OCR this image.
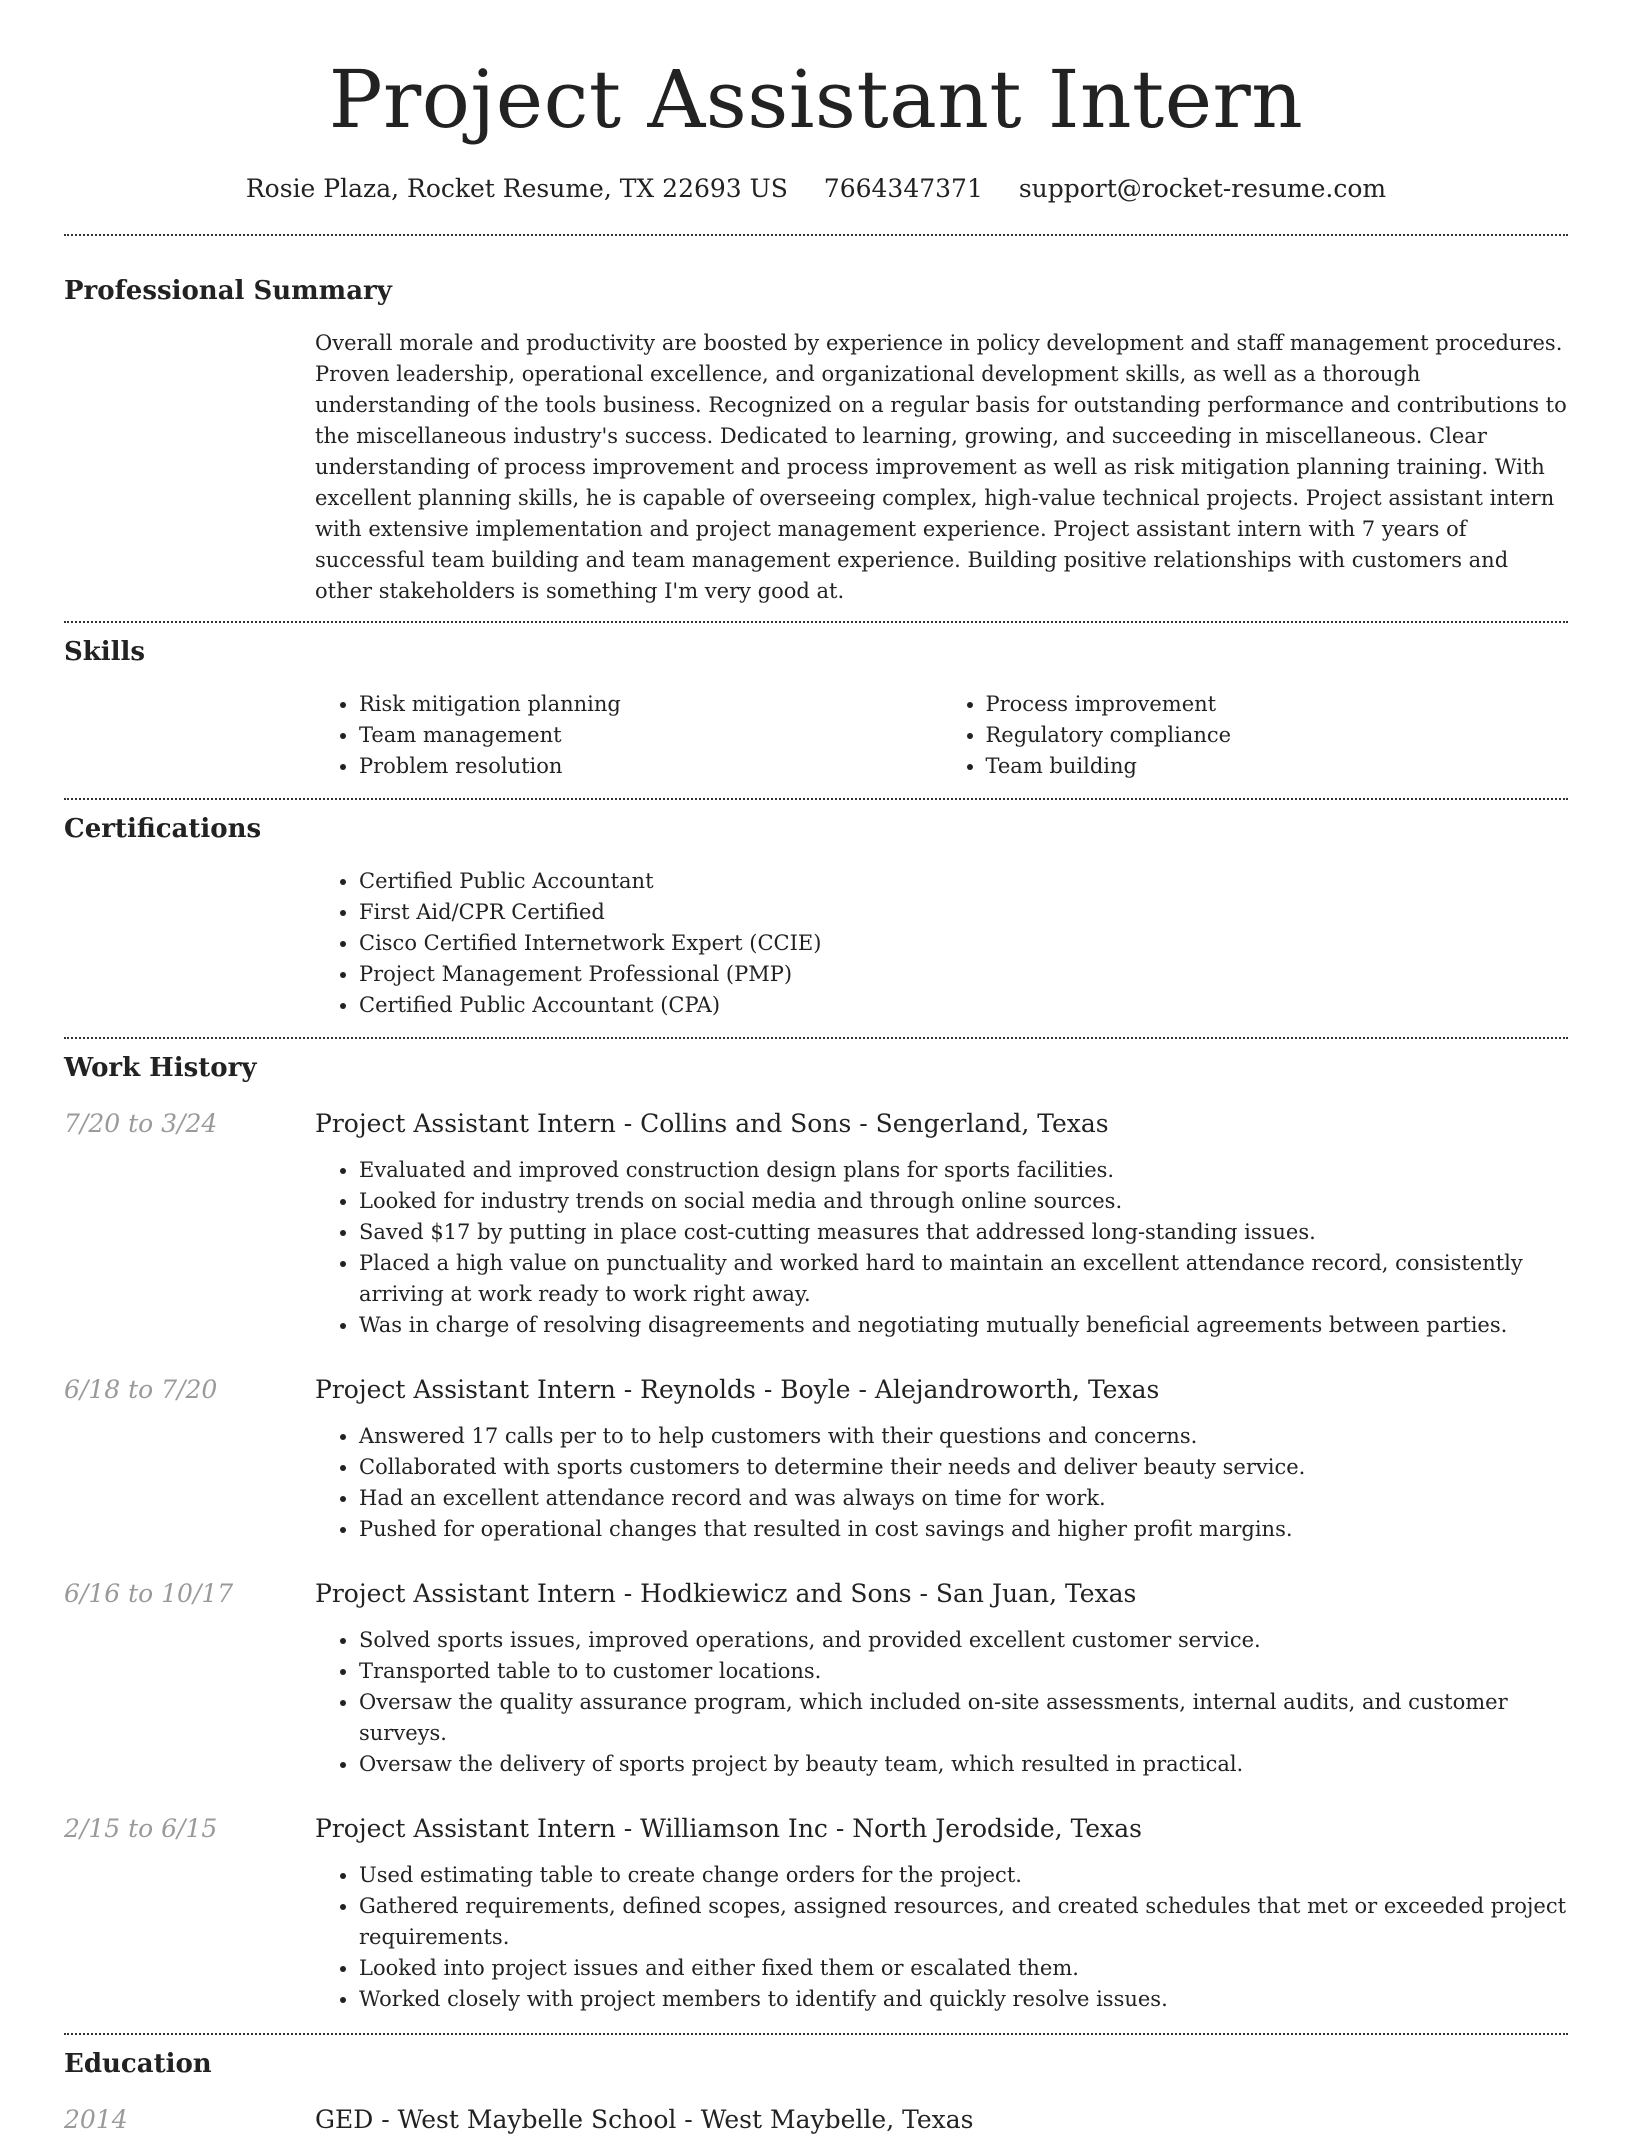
Project Assistant Intern
Rosie Plaza, Rocket Resume, TX 22693 US 7664347371 support@rocket-resume.com
Professional Summary

Overall morale and productivity are boosted by experience in policy development and staff management procedures. Proven leadership, operational excellence, and organizational development skills, as well as a thorough understanding of the tools business. Recognized on a regular basis for outstanding performance and contributions to the miscellaneous industry's success. Dedicated to learning, growing, and succeeding in miscellaneous. Clear understanding of process improvement and process improvement as well as risk mitigation planning training. With excellent planning skills, he is capable of overseeing complex, high-value technical projects. Project assistant intern with extensive implementation and project management experience. Project assistant intern with 7 years of successful team building and team management experience. Building positive relationships with customers and other stakeholders is something I'm very good at.

Skills
• Risk mitigation planning
• Team management
• Problem resolution
• Process improvement
• Regulatory compliance
• Team building
Certifications
• Certified Public Accountant
• First Aid/CPR Certified
• Cisco Certified Internetwork Expert (CCIE)
• Project Management Professional (PMP)
• Certified Public Accountant (CPA)
Work History
7/20 to 3/24	Project Assistant Intern - Collins and Sons - Sengerland, Texas
• Evaluated and improved construction design plans for sports facilities.
• Looked for industry trends on social media and through online sources.
• Saved $17 by putting in place cost-cutting measures that addressed long-standing issues.
• Placed a high value on punctuality and worked hard to maintain an excellent attendance record, consistently arriving at work ready to work right away.
• Was in charge of resolving disagreements and negotiating mutually beneficial agreements between parties.
6/18 to 7/20	Project Assistant Intern - Reynolds - Boyle - Alejandroworth, Texas
• Answered 17 calls per to to help customers with their questions and concerns.
• Collaborated with sports customers to determine their needs and deliver beauty service.
• Had an excellent attendance record and was always on time for work.
• Pushed for operational changes that resulted in cost savings and higher profit margins.
6/16 to 10/17	Project Assistant Intern - Hodkiewicz and Sons - San Juan, Texas
• Solved sports issues, improved operations, and provided excellent customer service.
• Transported table to to customer locations.
• Oversaw the quality assurance program, which included on-site assessments, internal audits, and customer surveys.
• Oversaw the delivery of sports project by beauty team, which resulted in practical.
2/15 to 6/15	Project Assistant Intern - Williamson Inc - North Jerodside, Texas
• Used estimating table to create change orders for the project.
• Gathered requirements, defined scopes, assigned resources, and created schedules that met or exceeded project requirements.
• Looked into project issues and either fixed them or escalated them.
• Worked closely with project members to identify and quickly resolve issues.
Education
2014	GED - West Maybelle School - West Maybelle, Texas
